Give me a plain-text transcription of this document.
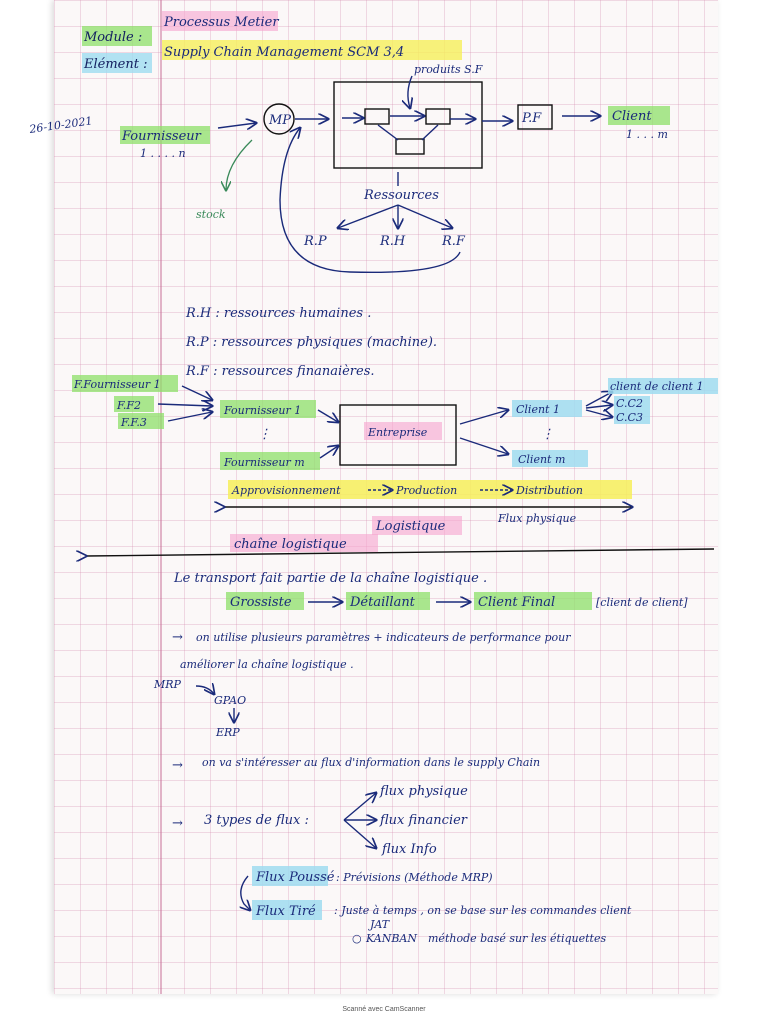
Module :
Processus Metier
Elément :
Supply Chain Management SCM 3,4
26-10-2021
Fournisseur
1 . . . . n
MP
produits S.F
P.F	Client
1 . . . m
stock
Ressources
R.P	R.H	R.F
R.H : ressources humaines .
R.P : ressources physiques (machine).
R.F : ressources finanaières.
F.Fournisseur 1
F.F2
F.F.3
Fournisseur 1
⋮
Fournisseur m
Entreprise
Client 1
⋮
Client m
client de client 1
C.C2
C.C3
Approvisionnement	Production	Distribution
Flux physique
Logistique
chaîne logistique
Le transport fait partie de la chaîne logistique .
Grossiste	Détaillant	Client Final	[client de client]
→ on utilise plusieurs paramètres + indicateurs de performance pour
améliorer la chaîne logistique .
MRP
GPAO
ERP
→ on va s'intéresser au flux d'information dans le supply Chain
→ 3 types de flux :
flux physique
flux financier
flux Info
Flux Poussé : Prévisions (Méthode MRP)
Flux Tiré : Juste à temps , on se base sur les commandes client
JAT
○ KANBAN méthode basé sur les étiquettes
Scanné avec CamScanner
